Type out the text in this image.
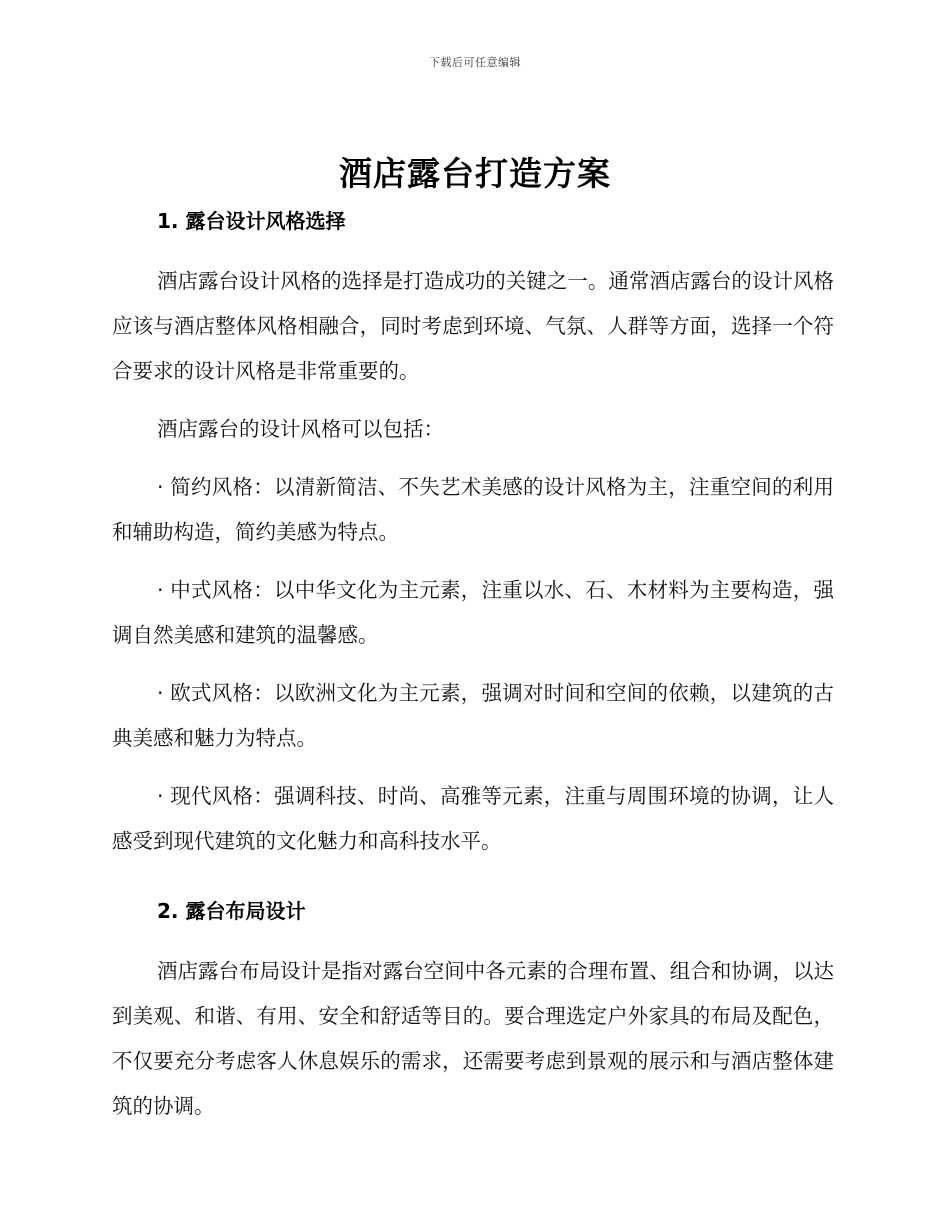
下载后可任意编辑
酒店露台打造方案
1. 露台设计风格选择

酒店露台设计风格的选择是打造成功的关键之一。通常酒店露台的设计风格应该与酒店整体风格相融合，同时考虑到环境、气氛、人群等方面，选择一个符合要求的设计风格是非常重要的。

酒店露台的设计风格可以包括：

· 简约风格：以清新简洁、不失艺术美感的设计风格为主，注重空间的利用和辅助构造，简约美感为特点。

· 中式风格：以中华文化为主元素，注重以水、石、木材料为主要构造，强调自然美感和建筑的温馨感。

· 欧式风格：以欧洲文化为主元素，强调对时间和空间的依赖，以建筑的古典美感和魅力为特点。

· 现代风格：强调科技、时尚、高雅等元素，注重与周围环境的协调，让人感受到现代建筑的文化魅力和高科技水平。

2. 露台布局设计

酒店露台布局设计是指对露台空间中各元素的合理布置、组合和协调，以达到美观、和谐、有用、安全和舒适等目的。要合理选定户外家具的布局及配色，不仅要充分考虑客人休息娱乐的需求，还需要考虑到景观的展示和与酒店整体建筑的协调。
